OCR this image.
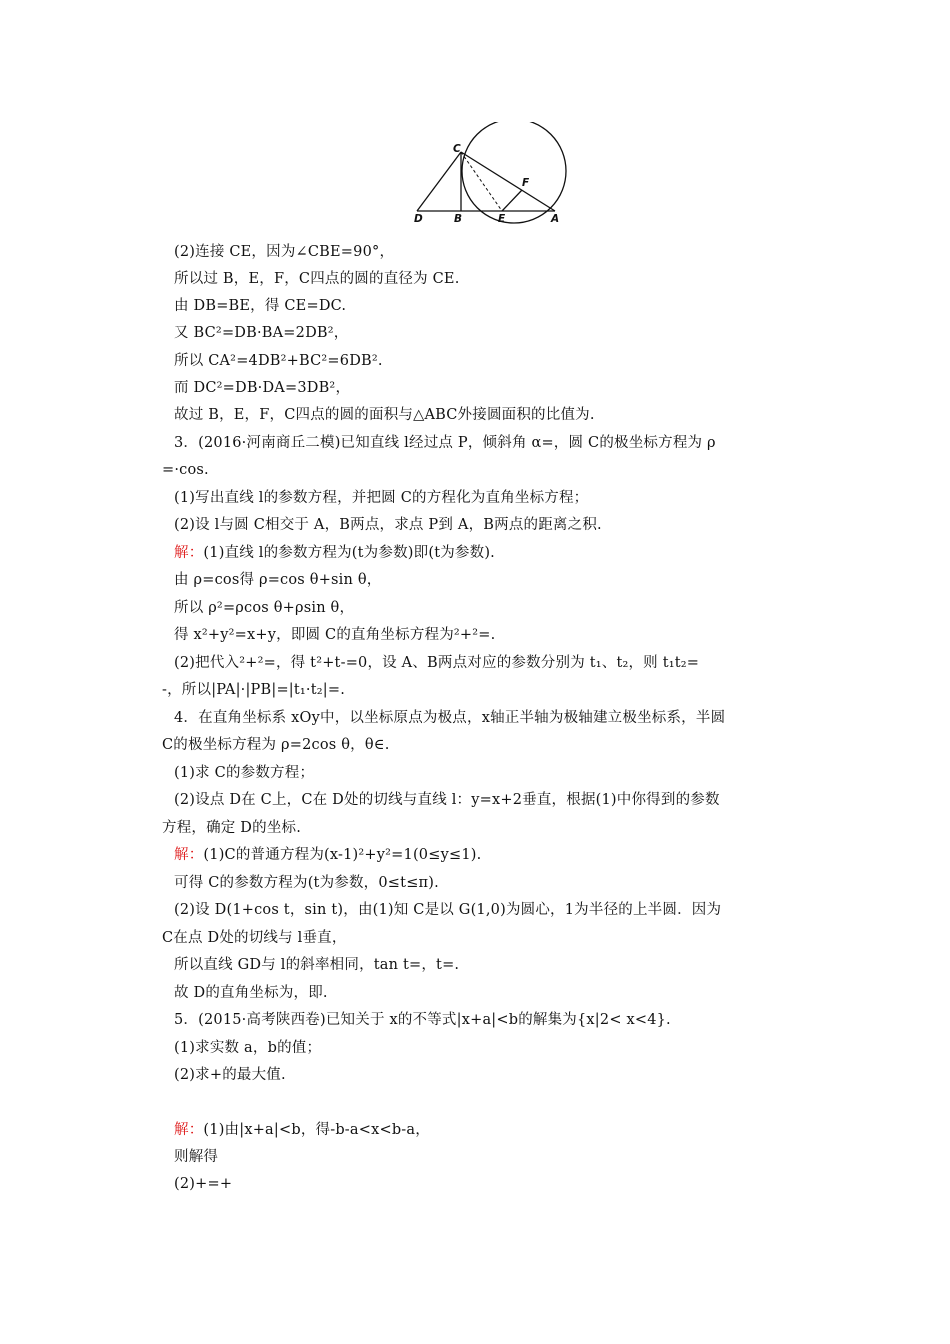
C
F
D	B	E	A
(2)连接 CE，因为∠CBE=90°，
所以过 B，E，F，C四点的圆的直径为 CE.
由 DB=BE，得 CE=DC.
又 BC²=DB·BA=2DB²，
所以 CA²=4DB²+BC²=6DB².
而 DC²=DB·DA=3DB²，
故过 B，E，F，C四点的圆的面积与△ABC外接圆面积的比值为.
3．(2016·河南商丘二模)已知直线 l经过点 P，倾斜角 α=，圆 C的极坐标方程为 ρ
=·cos.
(1)写出直线 l的参数方程，并把圆 C的方程化为直角坐标方程；
(2)设 l与圆 C相交于 A，B两点，求点 P到 A，B两点的距离之积.
解：(1)直线 l的参数方程为(t为参数)即(t为参数).
由 ρ=cos得 ρ=cos θ+sin θ，
所以 ρ²=ρcos θ+ρsin θ，
得 x²+y²=x+y，即圆 C的直角坐标方程为²+²=.
(2)把代入²+²=，得 t²+t-=0，设 A、B两点对应的参数分别为 t₁、t₂，则 t₁t₂=
-，所以|PA|·|PB|=|t₁·t₂|=.
4．在直角坐标系 xOy中，以坐标原点为极点，x轴正半轴为极轴建立极坐标系，半圆
C的极坐标方程为 ρ=2cos θ，θ∈.
(1)求 C的参数方程；
(2)设点 D在 C上，C在 D处的切线与直线 l：y=x+2垂直，根据(1)中你得到的参数
方程，确定 D的坐标.
解：(1)C的普通方程为(x-1)²+y²=1(0≤y≤1).
可得 C的参数方程为(t为参数，0≤t≤π).
(2)设 D(1+cos t，sin t)，由(1)知 C是以 G(1,0)为圆心，1为半径的上半圆．因为
C在点 D处的切线与 l垂直，
所以直线 GD与 l的斜率相同，tan t=，t=.
故 D的直角坐标为，即.
5．(2015·高考陕西卷)已知关于 x的不等式|x+a|<b的解集为{x|2< x<4}.
(1)求实数 a，b的值；
(2)求+的最大值.
解：(1)由|x+a|<b，得-b-a<x<b-a，
则解得
(2)+=+
